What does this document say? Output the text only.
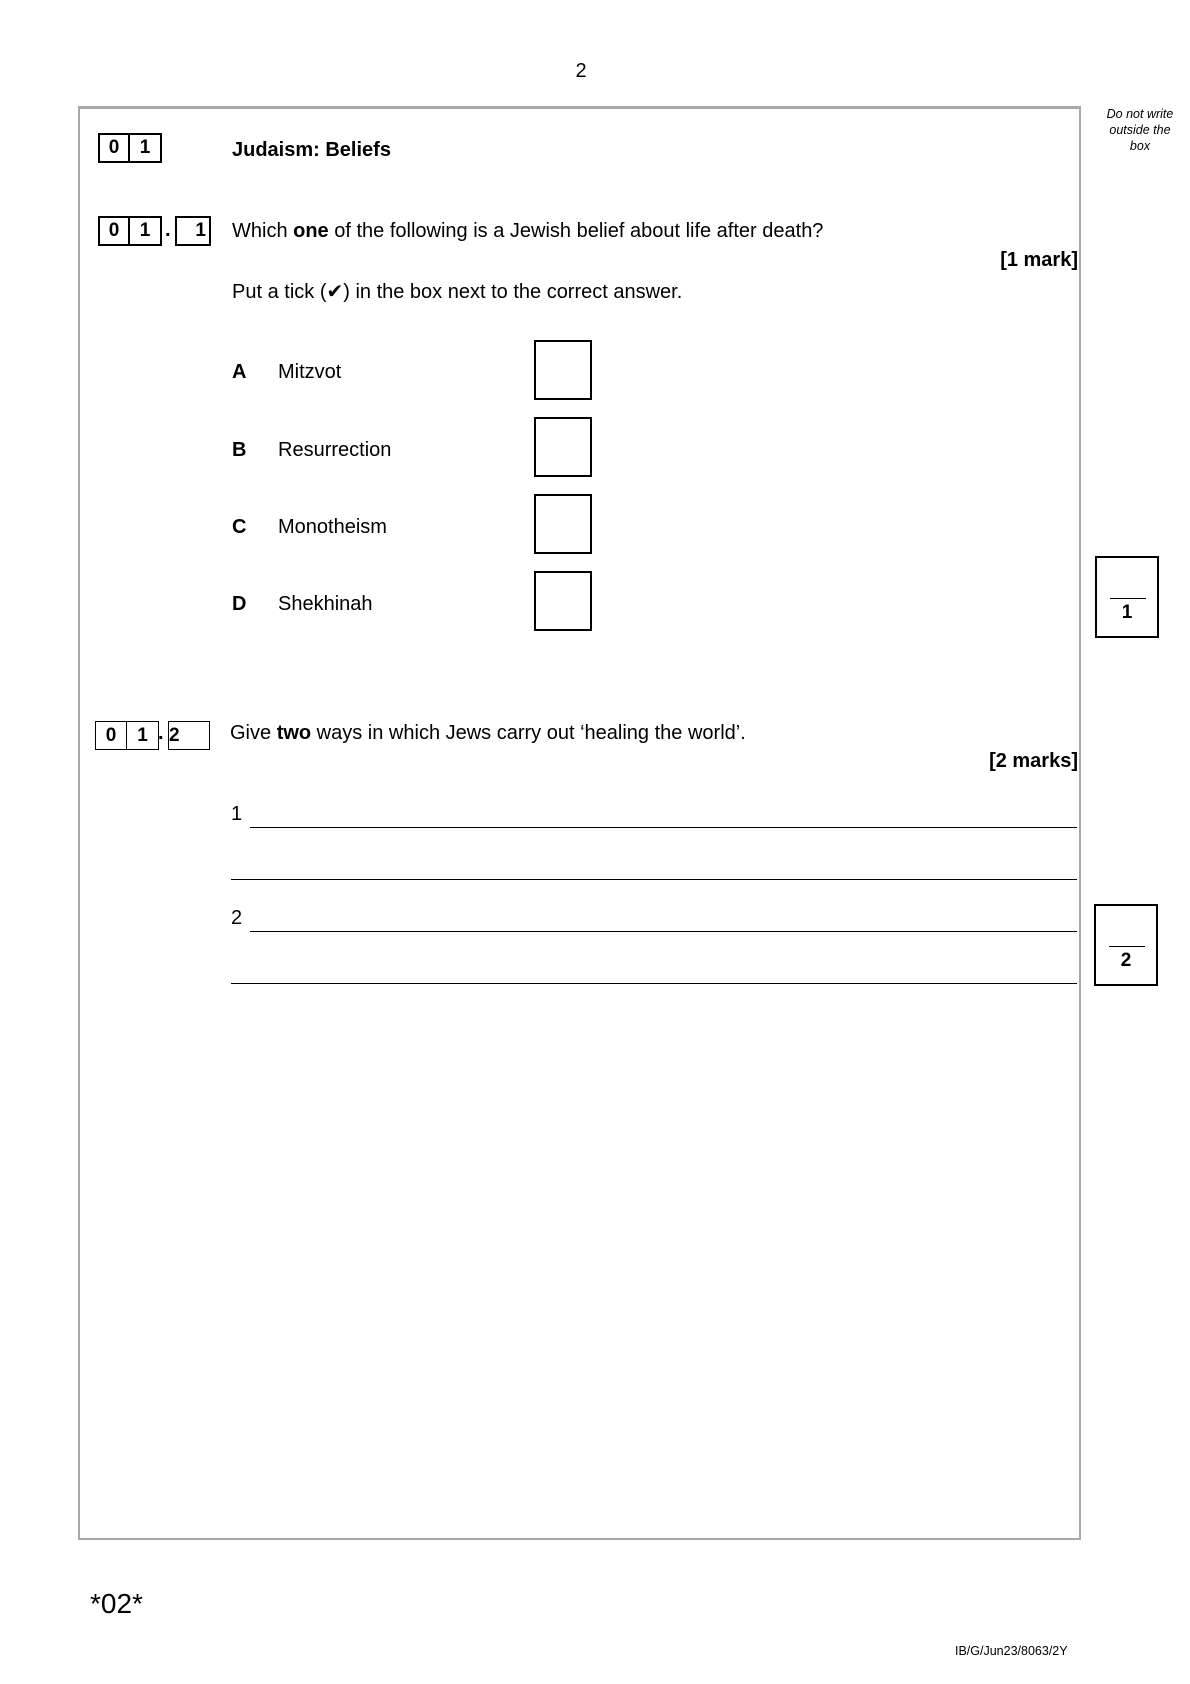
2
Do not write
outside the
box
0 1	Judaism: Beliefs
0 1 . 1 Which one of the following is a Jewish belief about life after death?
[1 mark]
Put a tick (✔) in the box next to the correct answer.
A Mitzvot
B Resurrection
C Monotheism
D Shekhinah	1
0 1 . 2	Give two ways in which Jews carry out ‘healing the world’.
[2 marks]
1
2
2
*02*
IB/G/Jun23/8063/2Y
